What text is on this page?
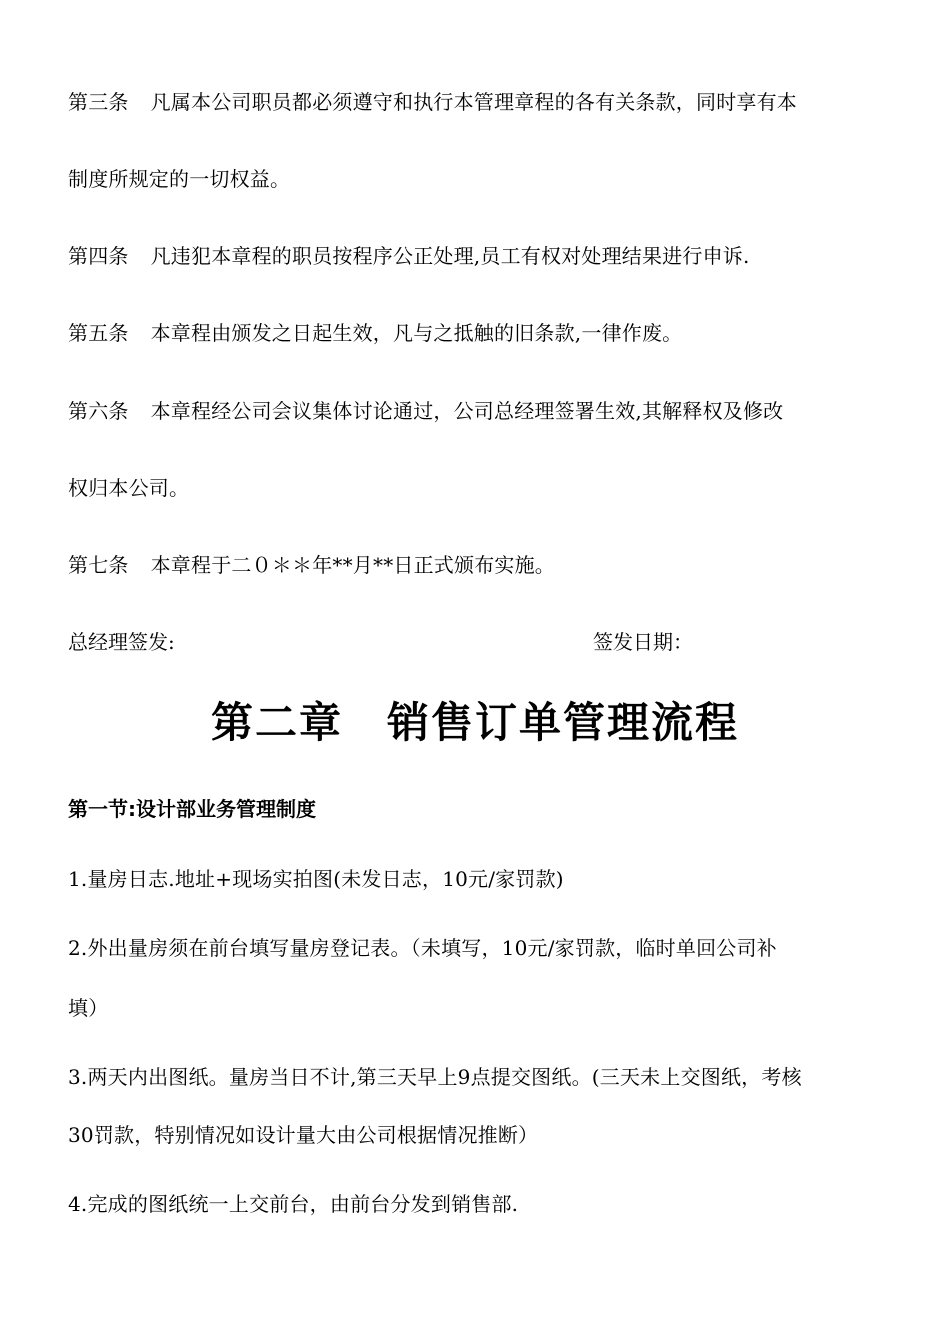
第三条 凡属本公司职员都必须遵守和执行本管理章程的各有关条款，同时享有本
制度所规定的一切权益。
第四条 凡违犯本章程的职员按程序公正处理,员工有权对处理结果进行申诉.
第五条 本章程由颁发之日起生效，凡与之抵触的旧条款,一律作废。
第六条 本章程经公司会议集体讨论通过，公司总经理签署生效,其解释权及修改
权归本公司。
第七条 本章程于二０＊＊年**月**日正式颁布实施。
总经理签发:	签发日期：
第二章　销售订单管理流程
第一节:设计部业务管理制度
1.量房日志.地址+现场实拍图(未发日志，10元/家罚款)
2.外出量房须在前台填写量房登记表。（未填写，10元/家罚款，临时单回公司补
填）
3.两天内出图纸。量房当日不计,第三天早上9点提交图纸。(三天未上交图纸，考核
30罚款，特别情况如设计量大由公司根据情况推断）
4.完成的图纸统一上交前台，由前台分发到销售部.
